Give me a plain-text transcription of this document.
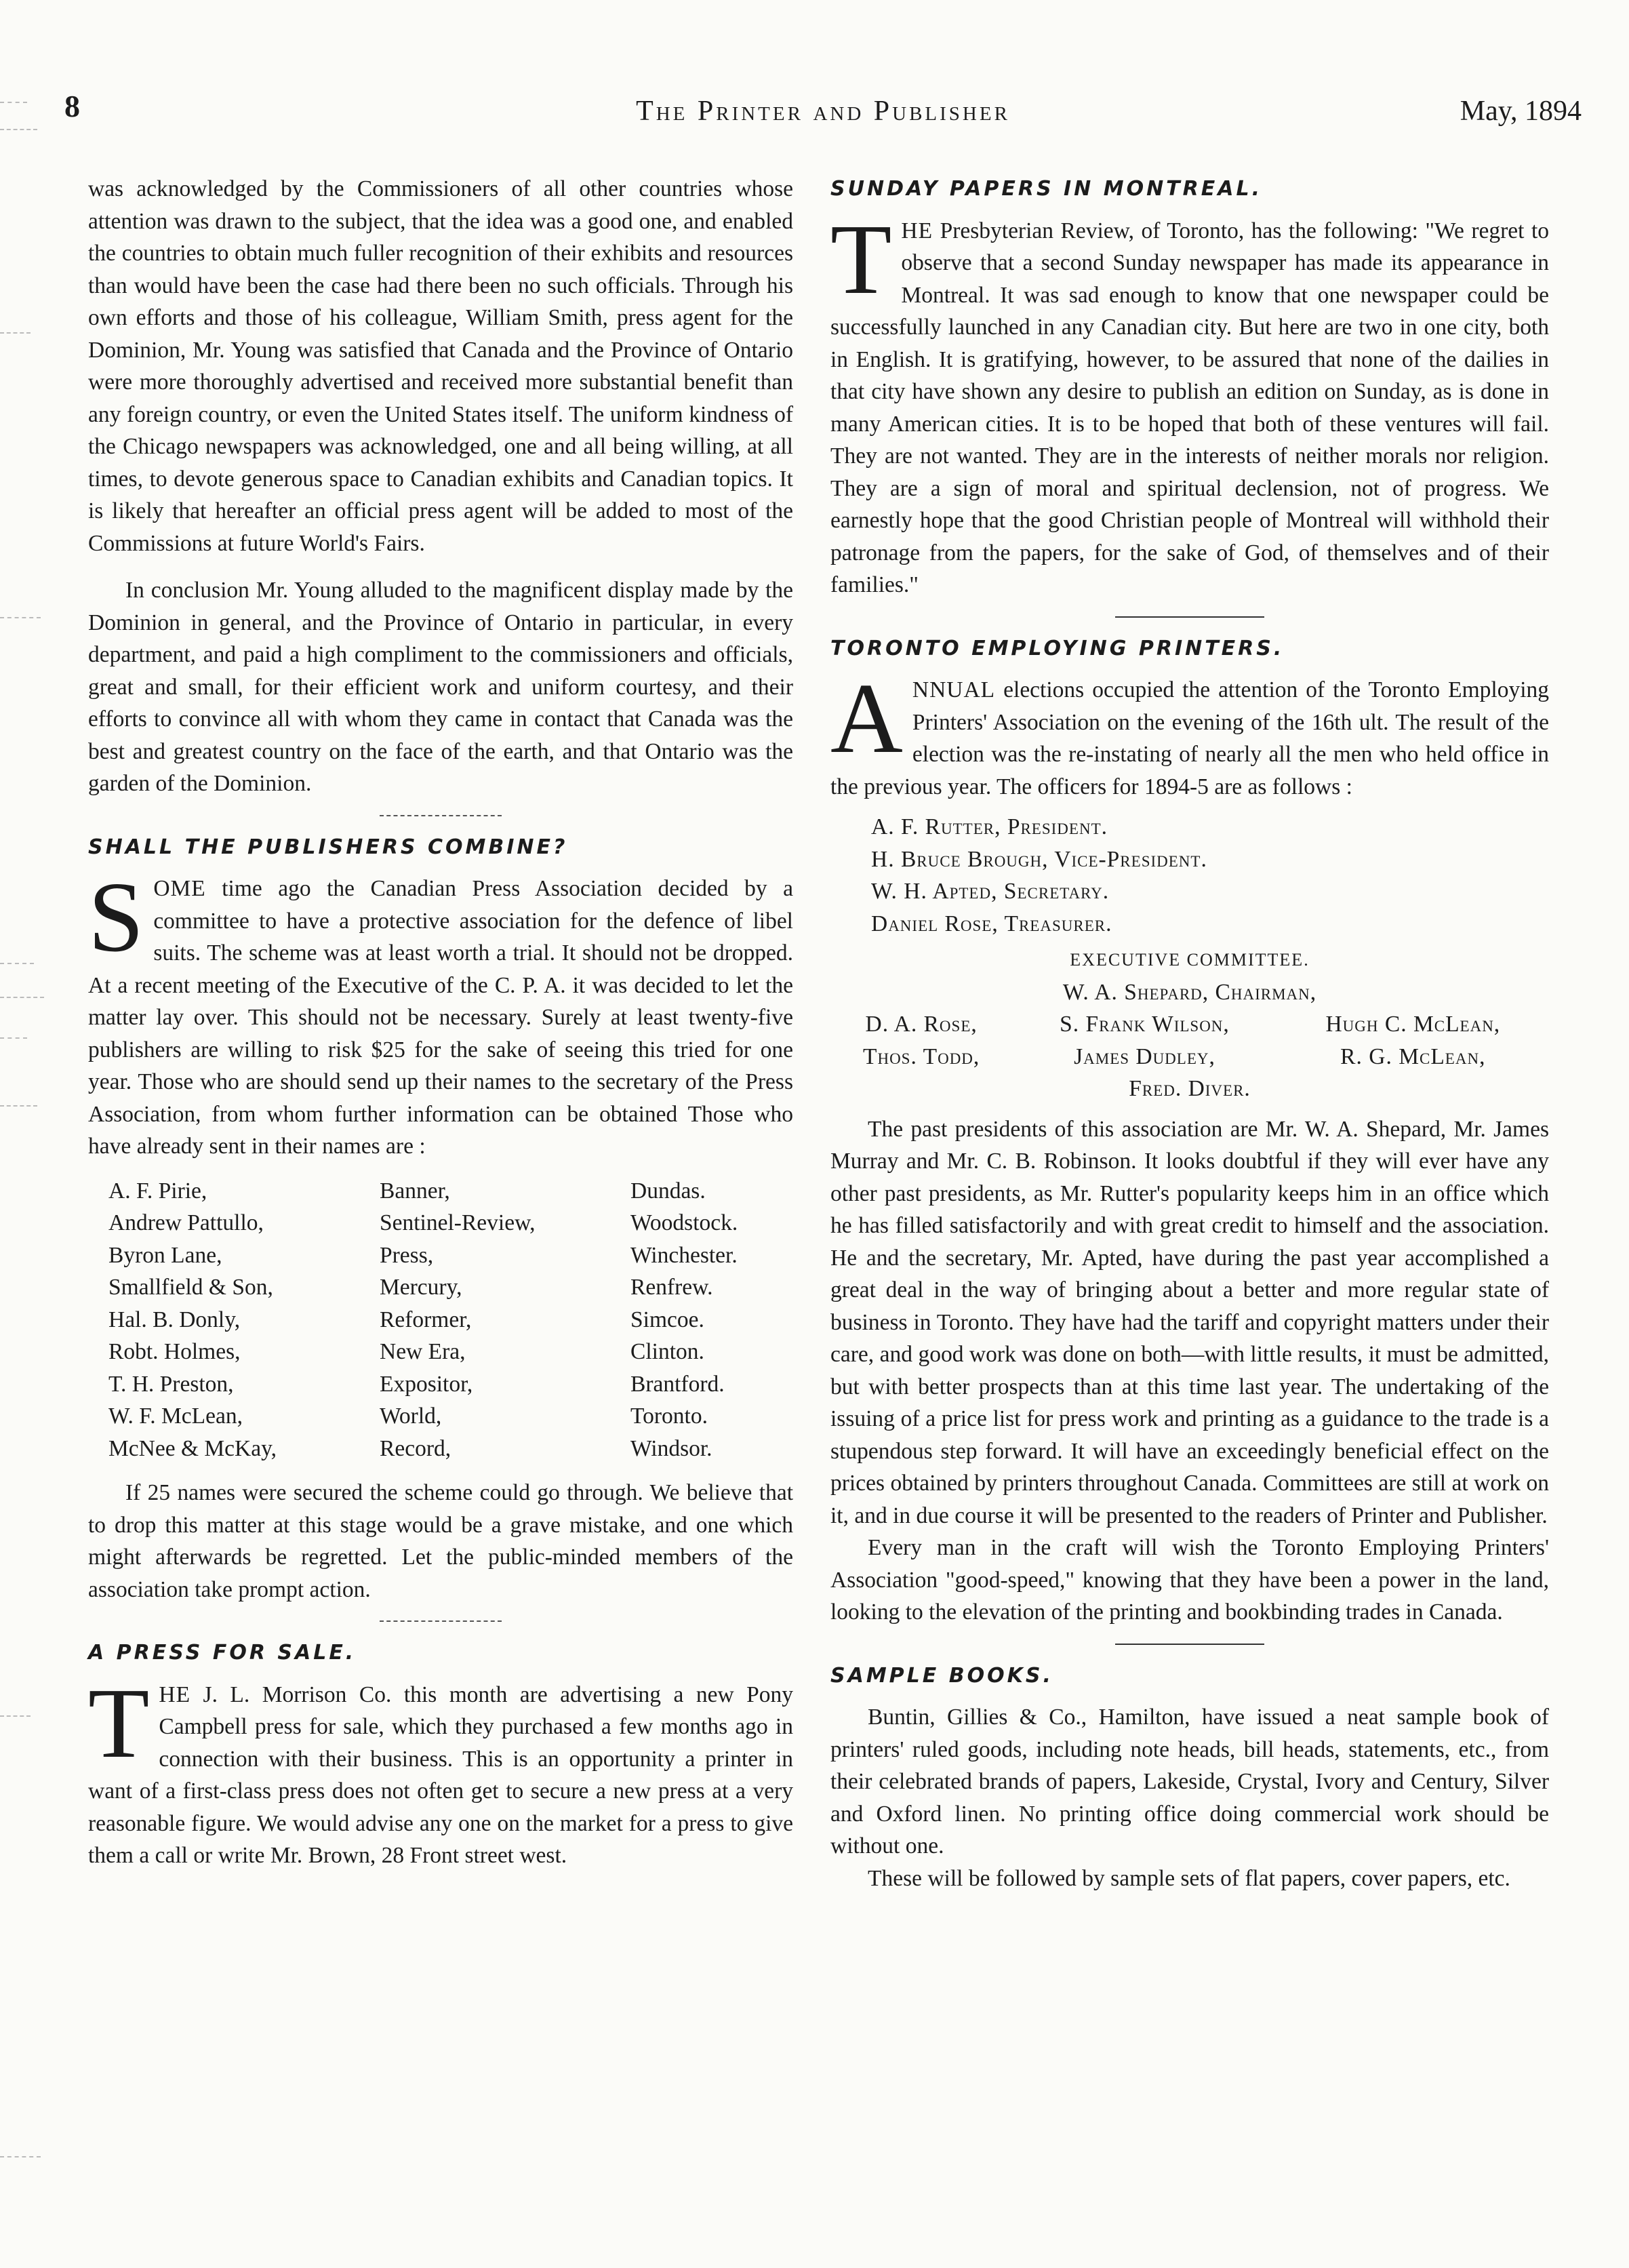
8	The Printer and Publisher	May, 1894

was acknowledged by the Commissioners of all other countries whose attention was drawn to the subject, that the idea was a good one, and enabled the countries to obtain much fuller recognition of their exhibits and resources than would have been the case had there been no such officials. Through his own efforts and those of his colleague, William Smith, press agent for the Dominion, Mr. Young was satisfied that Canada and the Province of Ontario were more thoroughly advertised and received more substantial benefit than any foreign country, or even the United States itself. The uniform kindness of the Chicago newspapers was acknowledged, one and all being willing, at all times, to devote generous space to Canadian exhibits and Canadian topics. It is likely that hereafter an official press agent will be added to most of the Commissions at future World's Fairs.

In conclusion Mr. Young alluded to the magnificent display made by the Dominion in general, and the Province of Ontario in particular, in every department, and paid a high compliment to the commissioners and officials, great and small, for their efficient work and uniform courtesy, and their efforts to convince all with whom they came in contact that Canada was the best and greatest country on the face of the earth, and that Ontario was the garden of the Dominion.

SHALL THE PUBLISHERS COMBINE?

SOME time ago the Canadian Press Association decided by a committee to have a protective association for the defence of libel suits. The scheme was at least worth a trial. It should not be dropped. At a recent meeting of the Executive of the C. P. A. it was decided to let the matter lay over. This should not be necessary. Surely at least twenty-five publishers are willing to risk $25 for the sake of seeing this tried for one year. Those who are should send up their names to the secretary of the Press Association, from whom further information can be obtained Those who have already sent in their names are :

A. F. Pirie,	Banner,	Dundas.
Andrew Pattullo,	Sentinel-Review,	Woodstock.
Byron Lane,	Press,	Winchester.
Smallfield & Son,	Mercury,	Renfrew.
Hal. B. Donly,	Reformer,	Simcoe.
Robt. Holmes,	New Era,	Clinton.
T. H. Preston,	Expositor,	Brantford.
W. F. McLean,	World,	Toronto.
McNee & McKay,	Record,	Windsor.

If 25 names were secured the scheme could go through. We believe that to drop this matter at this stage would be a grave mistake, and one which might afterwards be regretted. Let the public-minded members of the association take prompt action.

A PRESS FOR SALE.

THE J. L. Morrison Co. this month are advertising a new Pony Campbell press for sale, which they purchased a few months ago in connection with their business. This is an opportunity a printer in want of a first-class press does not often get to secure a new press at a very reasonable figure. We would advise any one on the market for a press to give them a call or write Mr. Brown, 28 Front street west.

SUNDAY PAPERS IN MONTREAL.

THE Presbyterian Review, of Toronto, has the following: "We regret to observe that a second Sunday newspaper has made its appearance in Montreal. It was sad enough to know that one newspaper could be successfully launched in any Canadian city. But here are two in one city, both in English. It is gratifying, however, to be assured that none of the dailies in that city have shown any desire to publish an edition on Sunday, as is done in many American cities. It is to be hoped that both of these ventures will fail. They are not wanted. They are in the interests of neither morals nor religion. They are a sign of moral and spiritual declension, not of progress. We earnestly hope that the good Christian people of Montreal will withhold their patronage from the papers, for the sake of God, of themselves and of their families."

TORONTO EMPLOYING PRINTERS.

ANNUAL elections occupied the attention of the Toronto Employing Printers' Association on the evening of the 16th ult. The result of the election was the re-instating of nearly all the men who held office in the previous year. The officers for 1894-5 are as follows :

A. F. Rutter, President.
H. Bruce Brough, Vice-President.
W. H. Apted, Secretary.
Daniel Rose, Treasurer.
EXECUTIVE COMMITTEE.
W. A. Shepard, Chairman,
D. A. Rose,	S. Frank Wilson,	Hugh C. McLean,
Thos. Todd,	James Dudley,	R. G. McLean,
Fred. Diver.

The past presidents of this association are Mr. W. A. Shepard, Mr. James Murray and Mr. C. B. Robinson. It looks doubtful if they will ever have any other past presidents, as Mr. Rutter's popularity keeps him in an office which he has filled satisfactorily and with great credit to himself and the association. He and the secretary, Mr. Apted, have during the past year accomplished a great deal in the way of bringing about a better and more regular state of business in Toronto. They have had the tariff and copyright matters under their care, and good work was done on both—with little results, it must be admitted, but with better prospects than at this time last year. The undertaking of the issuing of a price list for press work and printing as a guidance to the trade is a stupendous step forward. It will have an exceedingly beneficial effect on the prices obtained by printers throughout Canada. Committees are still at work on it, and in due course it will be presented to the readers of Printer and Publisher.

Every man in the craft will wish the Toronto Employing Printers' Association "good-speed," knowing that they have been a power in the land, looking to the elevation of the printing and bookbinding trades in Canada.

SAMPLE BOOKS.

Buntin, Gillies & Co., Hamilton, have issued a neat sample book of printers' ruled goods, including note heads, bill heads, statements, etc., from their celebrated brands of papers, Lakeside, Crystal, Ivory and Century, Silver and Oxford linen. No printing office doing commercial work should be without one.

These will be followed by sample sets of flat papers, cover papers, etc.
